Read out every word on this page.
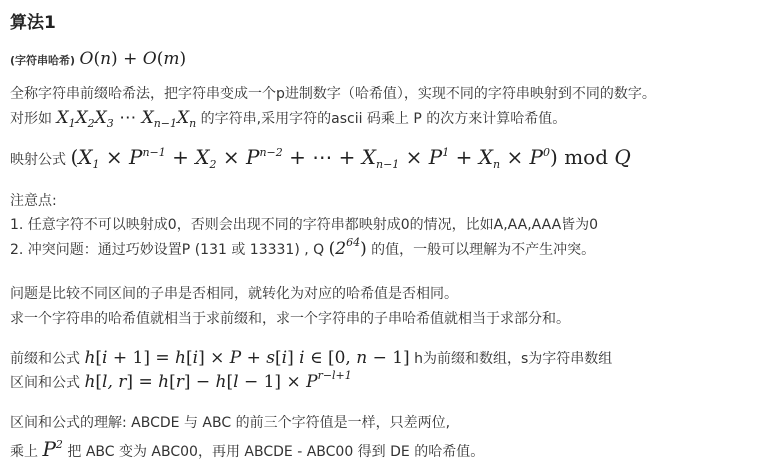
算法1
(字符串哈希) O(n) + O(m)
全称字符串前缀哈希法，把字符串变成一个p进制数字（哈希值），实现不同的字符串映射到不同的数字。
对形如 $X_1X_2X_3$ ⋯ $X_{n-1}X_n$ 的字符串,采用字符的ascii 码乘上 P 的次方来计算哈希值。
映射公式 ($X_1 \times P^{n-1} + X_2 \times P^{n-2}$ + ⋯ + $X_{n-1} \times P^1 + X_n \times P^0$) mod Q
注意点:
1. 任意字符不可以映射成0，否则会出现不同的字符串都映射成0的情况，比如A,AA,AAA皆为0
2. 冲突问题：通过巧妙设置P (131 或 13331) , Q $(2^{64})$ 的值，一般可以理解为不产生冲突。
问题是比较不同区间的子串是否相同，就转化为对应的哈希值是否相同。
求一个字符串的哈希值就相当于求前缀和，求一个字符串的子串哈希值就相当于求部分和。
前缀和公式 h[i + 1] = h[i] × P + s[i] i ∈ [0, n − 1] h为前缀和数组，s为字符串数组
区间和公式 h[l, $r] = h[r] - h[l - 1] \times P^{r-l+1}$
区间和公式的理解: ABCDE 与 ABC 的前三个字符值是一样，只差两位,
乘上 $P^2$ 把 ABC 变为 ABC00，再用 ABCDE - ABC00 得到 DE 的哈希值。
